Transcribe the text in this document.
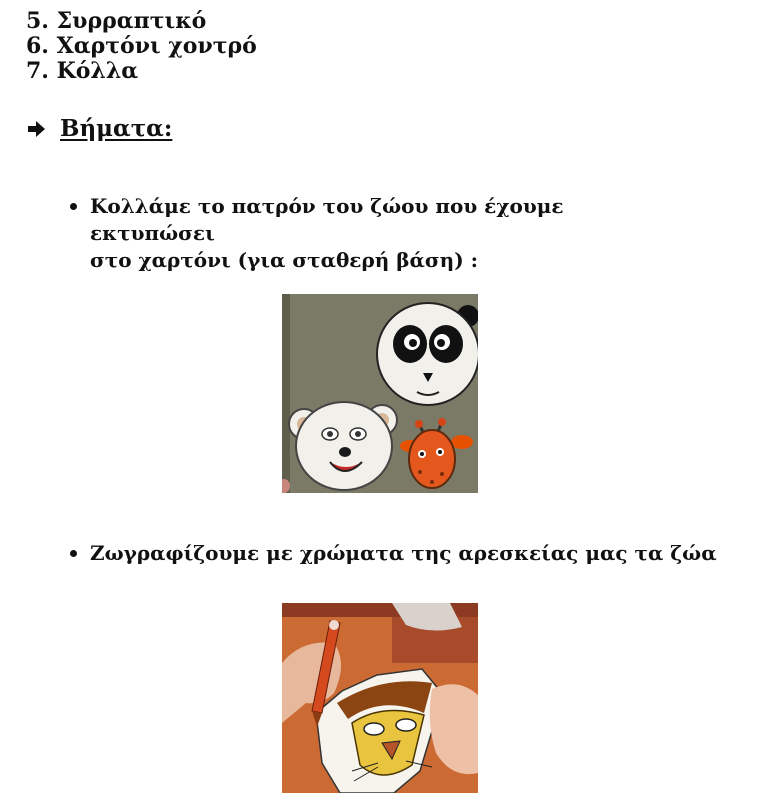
5. Συρραπτικό
6. Χαρτόνι χοντρό
7. Κόλλα
Βήματα:
Κολλάμε το πατρόν του ζώου που έχουμε εκτυπώσει
στο χαρτόνι (για σταθερή βάση) :
Ζωγραφίζουμε με χρώματα της αρεσκείας μας τα ζώα
